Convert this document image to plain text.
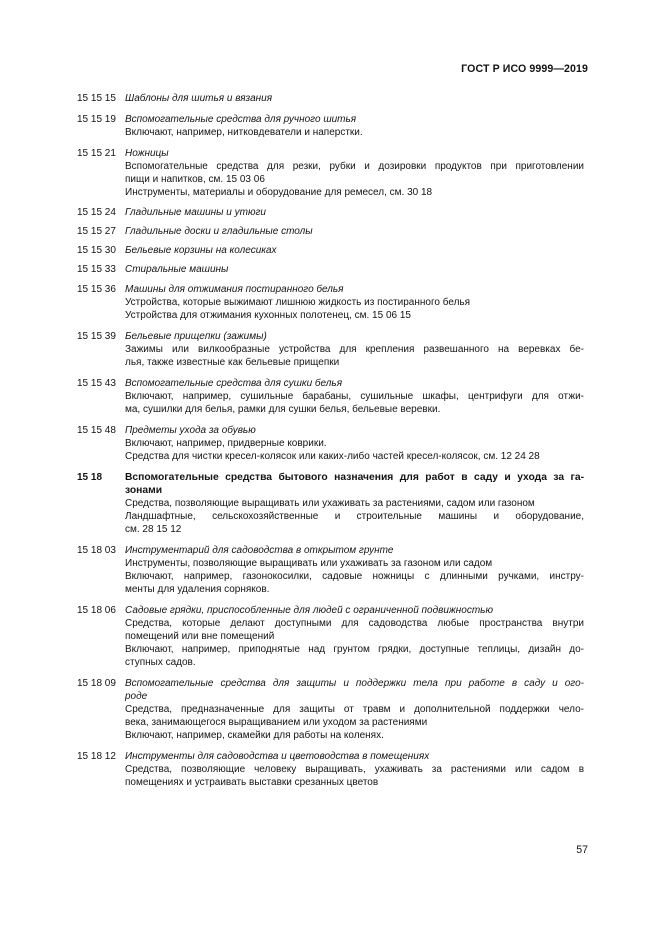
ГОСТ Р ИСО 9999—2019
15 15 15 Шаблоны для шитья и вязания
15 15 19 Вспомогательные средства для ручного шитья
Включают, например, нитковдеватели и наперстки.
15 15 21 Ножницы
Вспомогательные средства для резки, рубки и дозировки продуктов при приготовлении
пищи и напитков, см. 15 03 06
Инструменты, материалы и оборудование для ремесел, см. 30 18
15 15 24 Гладильные машины и утюги
15 15 27 Гладильные доски и гладильные столы
15 15 30 Бельевые корзины на колесиках
15 15 33 Стиральные машины
15 15 36 Машины для отжимания постиранного белья
Устройства, которые выжимают лишнюю жидкость из постиранного белья
Устройства для отжимания кухонных полотенец, см. 15 06 15
15 15 39 Бельевые прищепки (зажимы)
Зажимы или вилкообразные устройства для крепления развешанного на веревках бе-
лья, также известные как бельевые прищепки
15 15 43 Вспомогательные средства для сушки белья
Включают, например, сушильные барабаны, сушильные шкафы, центрифуги для отжи-
ма, сушилки для белья, рамки для сушки белья, бельевые веревки.
15 15 48 Предметы ухода за обувью
Включают, например, придверные коврики.
Средства для чистки кресел-колясок или каких-либо частей кресел-колясок, см. 12 24 28
15 18 Вспомогательные средства бытового назначения для работ в саду и ухода за га-
зонами
Средства, позволяющие выращивать или ухаживать за растениями, садом или газоном
Ландшафтные, сельскохозяйственные и строительные машины и оборудование,
см. 28 15 12
15 18 03 Инструментарий для садоводства в открытом грунте
Инструменты, позволяющие выращивать или ухаживать за газоном или садом
Включают, например, газонокосилки, садовые ножницы с длинными ручками, инстру-
менты для удаления сорняков.
15 18 06 Садовые грядки, приспособленные для людей с ограниченной подвижностью
Средства, которые делают доступными для садоводства любые пространства внутри
помещений или вне помещений
Включают, например, приподнятые над грунтом грядки, доступные теплицы, дизайн до-
ступных садов.
15 18 09 Вспомогательные средства для защиты и поддержки тела при работе в саду и ого-
роде
Средства, предназначенные для защиты от травм и дополнительной поддержки чело-
века, занимающегося выращиванием или уходом за растениями
Включают, например, скамейки для работы на коленях.
15 18 12 Инструменты для садоводства и цветоводства в помещениях
Средства, позволяющие человеку выращивать, ухаживать за растениями или садом в
помещениях и устраивать выставки срезанных цветов
57
